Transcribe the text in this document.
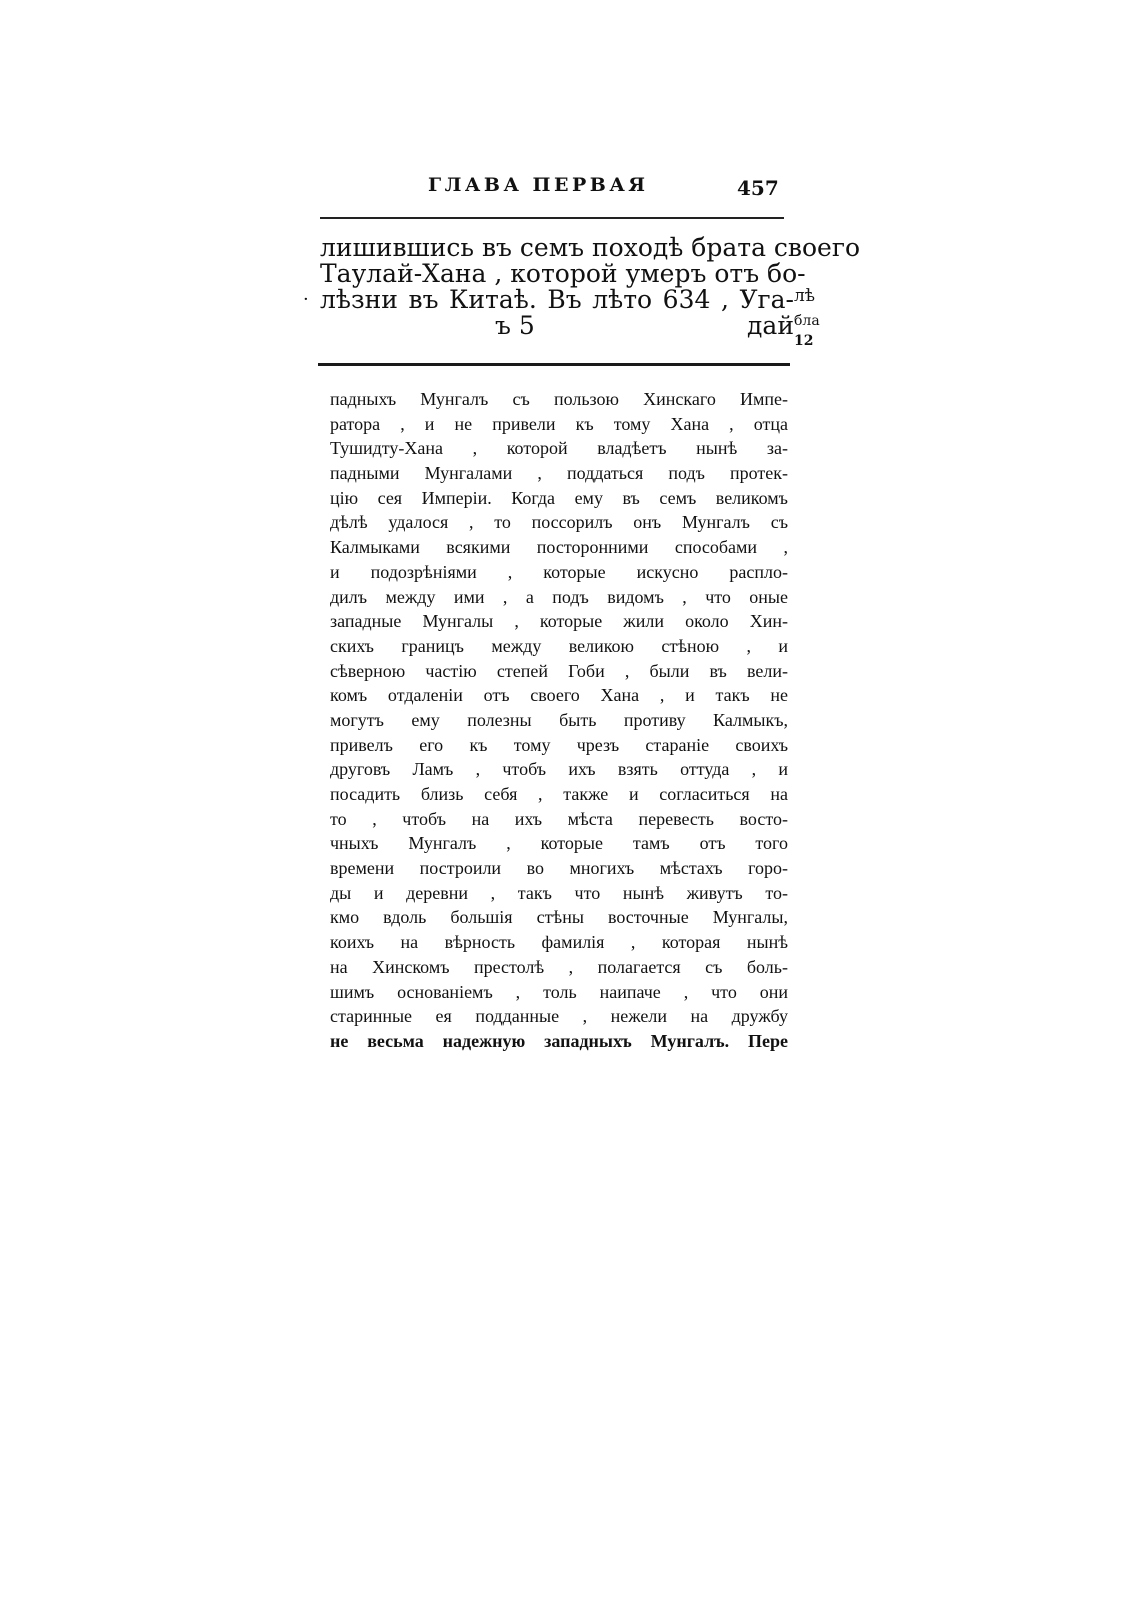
ГЛАВА ПЕРВАЯ	457
лишившись въ семъ походѣ брата своего
Таулай-Хана , которой умеръ отъ бо-
лѣзни въ Китаѣ. Въ лѣто 634 , Уга-
ъ 5	дай
·	лѣ
бла
12
падныхъ Мунгалъ съ пользою Хинскаго Импе-
ратора , и не привели къ тому Хана , отца
Тушидту-Хана , которой владѣетъ нынѣ за-
падными Мунгалами , поддаться подъ протек-
цію сея Имперіи. Когда ему въ семъ великомъ
дѣлѣ удалося , то поссорилъ онъ Мунгалъ съ
Калмыками всякими посторонними способами ,
и подозрѣніями , которые искусно распло-
дилъ между ими , а подъ видомъ , что оные
западные Мунгалы , которые жили около Хин-
скихъ границъ между великою стѣною , и
сѣверною частію степей Гоби , были въ вели-
комъ отдаленіи отъ своего Хана , и такъ не
могутъ ему полезны быть противу Калмыкъ,
привелъ его къ тому чрезъ стараніе своихъ
друговъ Ламъ , чтобъ ихъ взять оттуда , и
посадить близь себя , также и согласиться на
то , чтобъ на ихъ мѣста перевесть восто-
чныхъ Мунгалъ , которые тамъ отъ того
времени построили во многихъ мѣстахъ горо-
ды и деревни , такъ что нынѣ живутъ то-
кмо вдоль большія стѣны восточные Мунгалы,
коихъ на вѣрность фамилія , которая нынѣ
на Хинскомъ престолѣ , полагается съ боль-
шимъ основаніемъ , толь наипаче , что они
старинные ея подданные , нежели на дружбу
не весьма надежную западныхъ Мунгалъ. Пере
